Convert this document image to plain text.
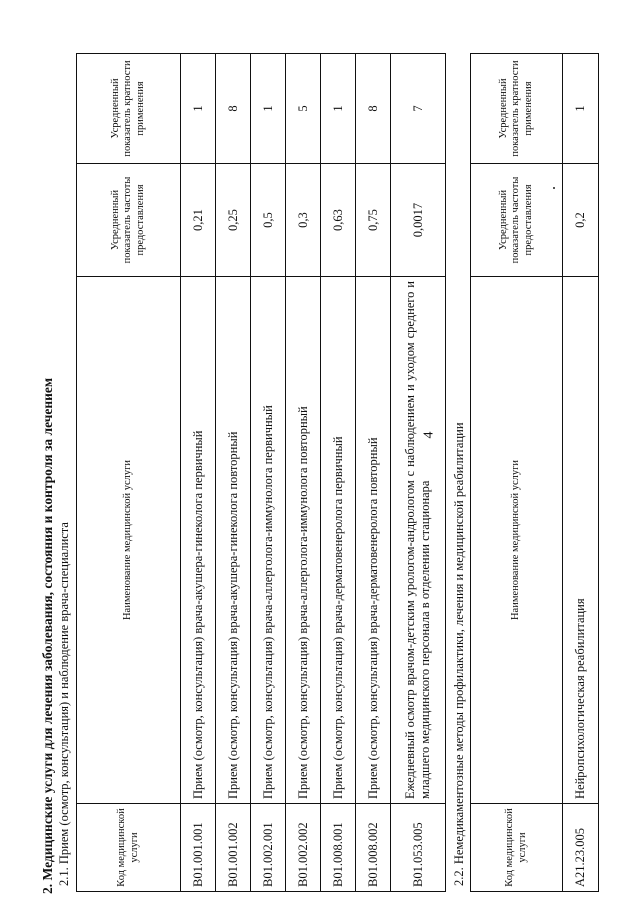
4
2. Медицинские услуги для лечения заболевания, состояния и контроля за лечением 2.1. Прием (осмотр, консультация) и наблюдение врача-специалиста	Код медицинской услуги	Наименование медицинской услуги	Усредненный показатель частоты предоставления	Усредненный показатель кратности применения
B01.001.001	Прием (осмотр, консультация) врача-акушера-гинеколога первичный	0,21	1
B01.001.002	Прием (осмотр, консультация) врача-акушера-гинеколога повторный	0,25	8
B01.002.001	Прием (осмотр, консультация) врача-аллерголога-иммунолога первичный	0,5	1
B01.002.002	Прием (осмотр, консультация) врача-аллерголога-иммунолога повторный	0,3	5
B01.008.001	Прием (осмотр, консультация) врача-дерматовенеролога первичный	0,63	1
B01.008.002	Прием (осмотр, консультация) врача-дерматовенеролога повторный	0,75	8
B01.053.005	Ежедневный осмотр врачом-детским урологом-андрологом с наблюдением и уходом среднего и младшего медицинского персонала в отделении стационара	0,0017	7
2.2. Немедикаментозные методы профилактики, лечения и медицинской реабилитации	Код медицинской услуги	Наименование медицинской услуги	Усредненный показатель частоты предоставления	Усредненный показатель кратности применения
A21.23.005	Нейропсихологическая реабилитация	0,2	1
